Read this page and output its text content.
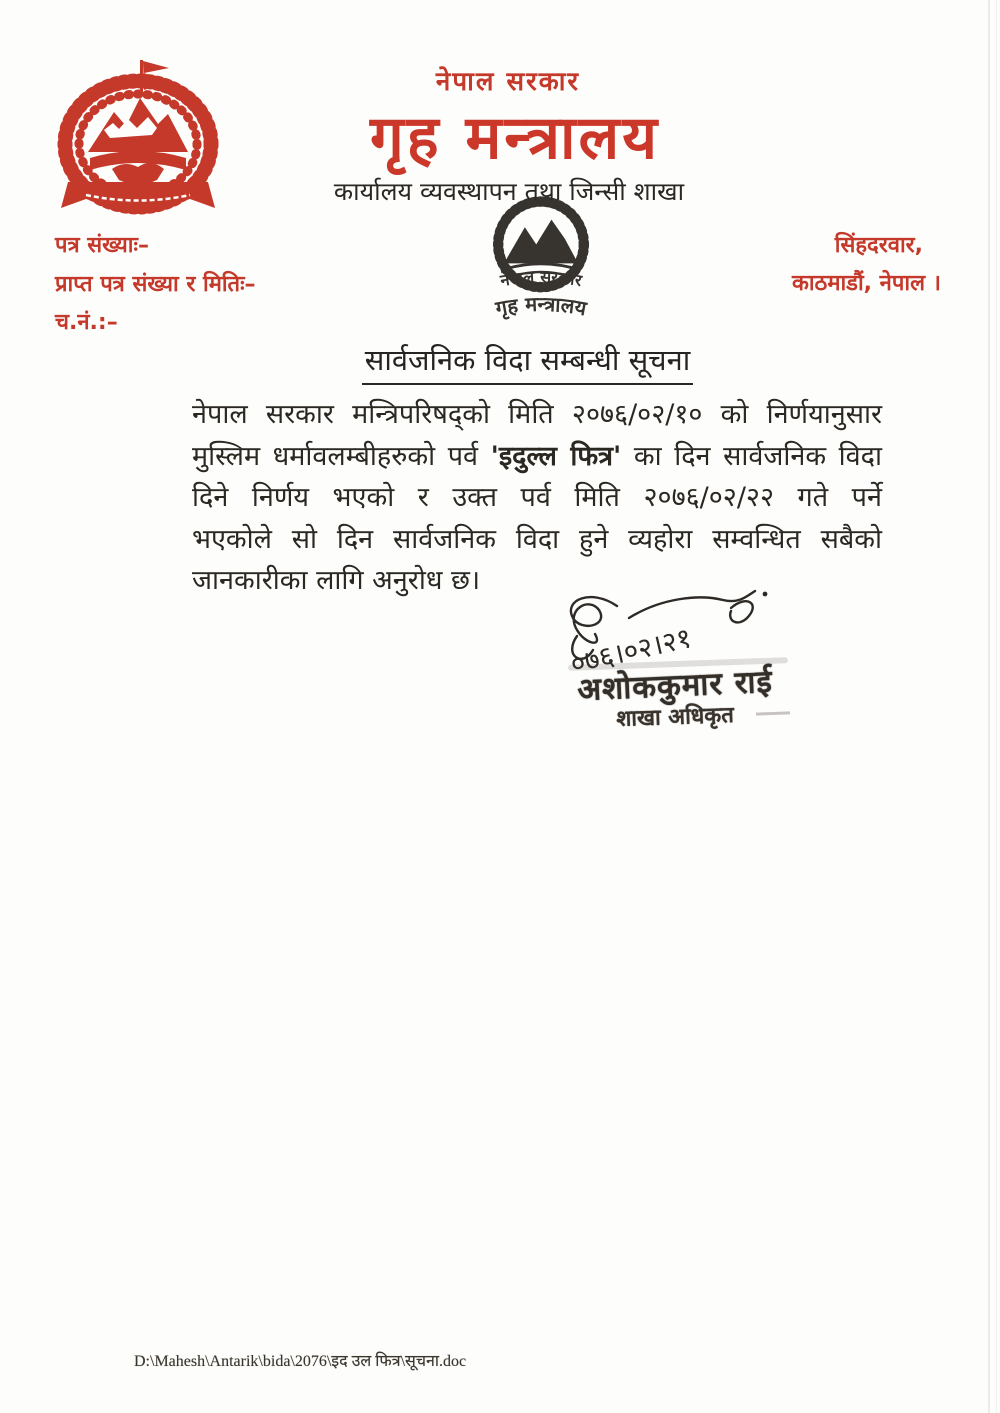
नेपाल सरकार
गृह मन्त्रालय
कार्यालय व्यवस्थापन तथा जिन्सी शाखा
नेपाल सरकार
गृह मन्त्रालय
पत्र संख्याः–
प्राप्त पत्र संख्या र मितिः–
च.नं.:–
सिंहदरवार,
काठमाडौं, नेपाल ।
सार्वजनिक विदा सम्बन्धी सूचना
नेपाल सरकार मन्त्रिपरिषद्को मिति २०७६/०२/१० को निर्णयानुसार
मुस्लिम धर्मावलम्बीहरुको पर्व 'इदुल्ल फित्र' का दिन सार्वजनिक विदा
दिने निर्णय भएको र उक्त पर्व मिति २०७६/०२/२२ गते पर्ने
भएकोले सो दिन सार्वजनिक विदा हुने व्यहोरा सम्वन्धित सबैको
जानकारीका लागि अनुरोध छ।
०७६।०२।२१
अशोककुमार राई
शाखा अधिकृत
D:\Mahesh\Antarik\bida\2076\इद उल फित्र\सूचना.doc
